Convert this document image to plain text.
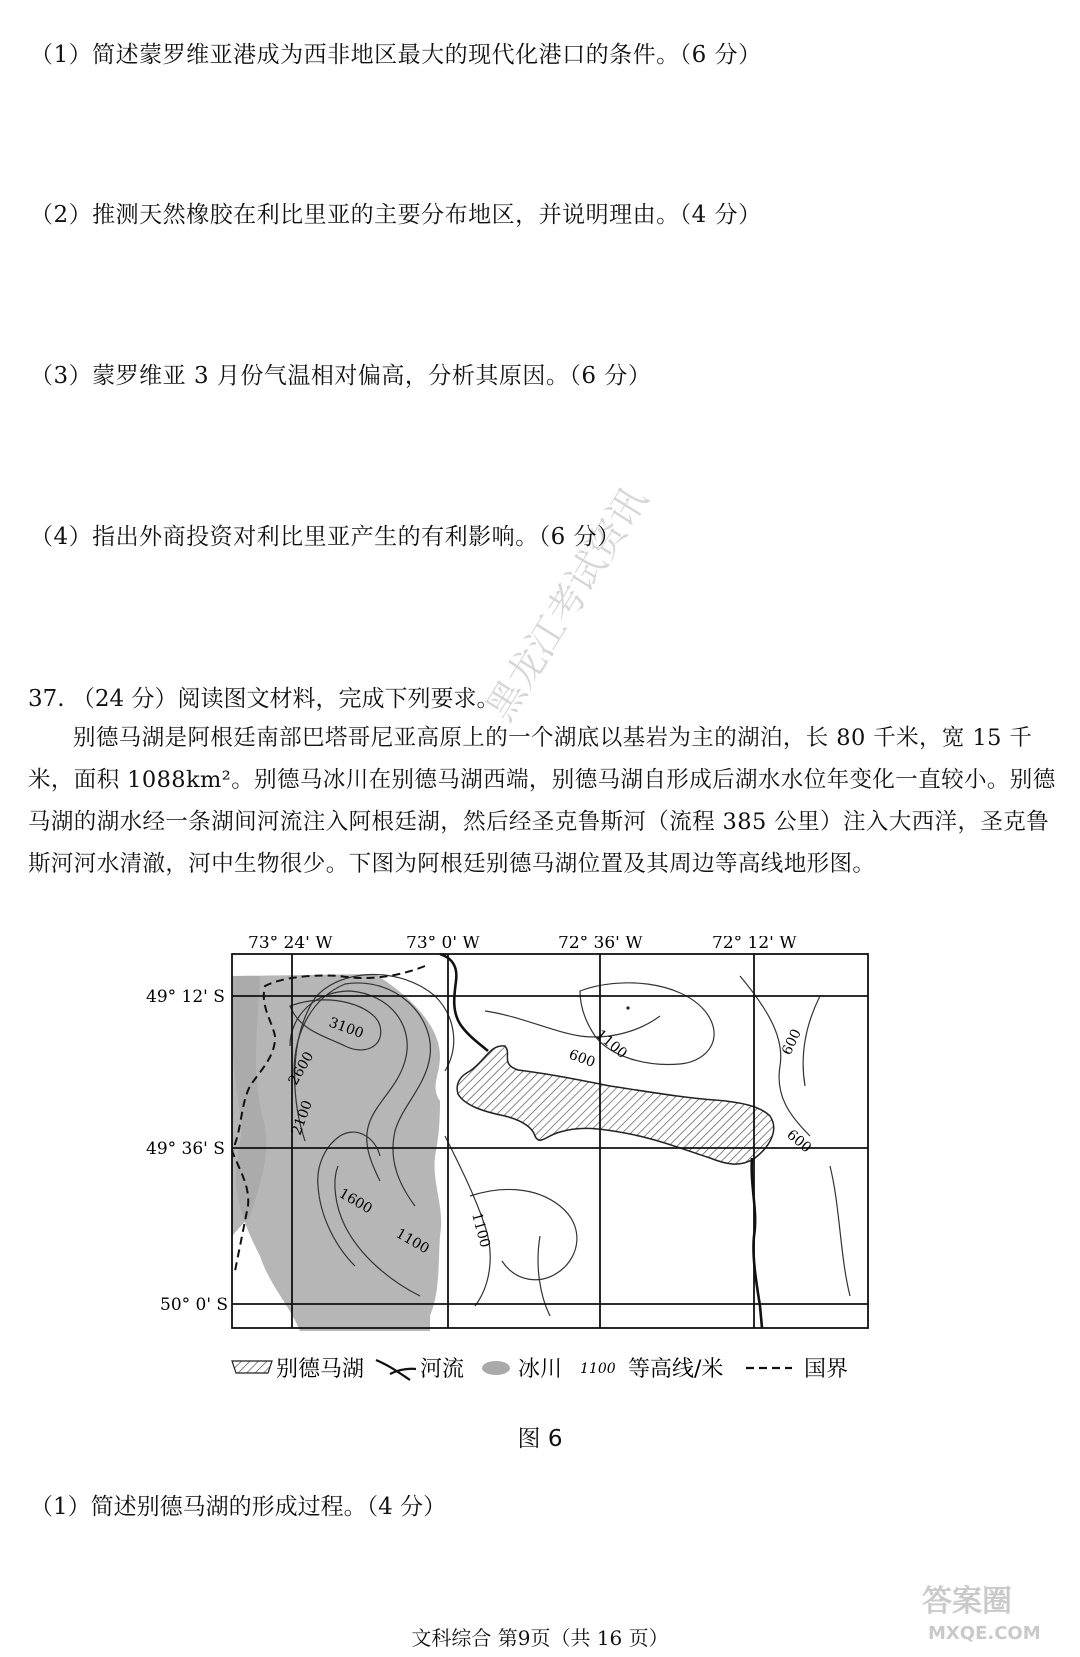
（1）简述蒙罗维亚港成为西非地区最大的现代化港口的条件。（6 分）
（2）推测天然橡胶在利比里亚的主要分布地区，并说明理由。（4 分）
（3）蒙罗维亚 3 月份气温相对偏高，分析其原因。（6 分）
（4）指出外商投资对利比里亚产生的有利影响。（6 分）
37. （24 分）阅读图文材料，完成下列要求。
别德马湖是阿根廷南部巴塔哥尼亚高原上的一个湖底以基岩为主的湖泊，长 80 千米，宽 15 千米，面积 1088km²。别德马冰川在别德马湖西端，别德马湖自形成后湖水水位年变化一直较小。别德马湖的湖水经一条湖间河流注入阿根廷湖，然后经圣克鲁斯河（流程 385 公里）注入大西洋，圣克鲁斯河河水清澈，河中生物很少。下图为阿根廷别德马湖位置及其周边等高线地形图。
黑龙江考试资讯
73° 24' W	73° 0' W	72° 36' W	72° 12' W
49° 12' S
49° 36' S
50° 0' S
3100
2600
2100
1600
1100	1100
1100
600
600
600
别德马湖	河流 冰川 1100 等高线/米	国界
图 6
（1）简述别德马湖的形成过程。（4 分）
文科综合 第9页（共 16 页）
答案圈
MXQE.COM
